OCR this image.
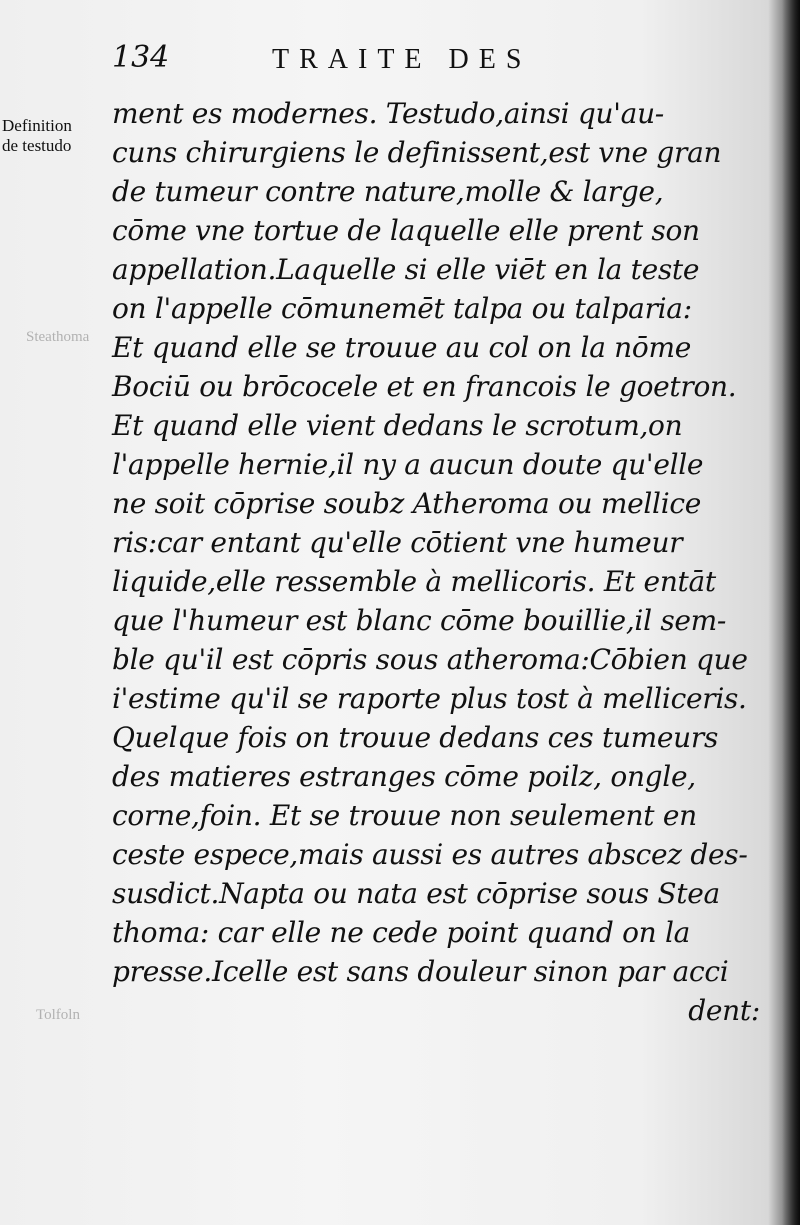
134	TRAITE DES
Definition
de testudo
Steathoma
Tolfoln
ment es modernes. Testudo,ainsi qu'au-
cuns chirurgiens le definissent,est vne gran
de tumeur contre nature,molle & large,
cōme vne tortue de laquelle elle prent son
appellation.Laquelle si elle viēt en la teste
on l'appelle cōmunemēt talpa ou talparia:
Et quand elle se trouue au col on la nōme
Bociū ou brōcocele et en francois le goetron.
Et quand elle vient dedans le scrotum,on
l'appelle hernie,il ny a aucun doute qu'elle
ne soit cōprise soubz Atheroma ou mellice
ris:car entant qu'elle cōtient vne humeur
liquide,elle ressemble à mellicoris. Et entāt
que l'humeur est blanc cōme bouillie,il sem-
ble qu'il est cōpris sous atheroma:Cōbien que
i'estime qu'il se raporte plus tost à melliceris.
Quelque fois on trouue dedans ces tumeurs
des matieres estranges cōme poilz, ongle,
corne,foin. Et se trouue non seulement en
ceste espece,mais aussi es autres abscez des-
susdict.Napta ou nata est cōprise sous Stea
thoma: car elle ne cede point quand on la
presse.Icelle est sans douleur sinon par acci
dent:
